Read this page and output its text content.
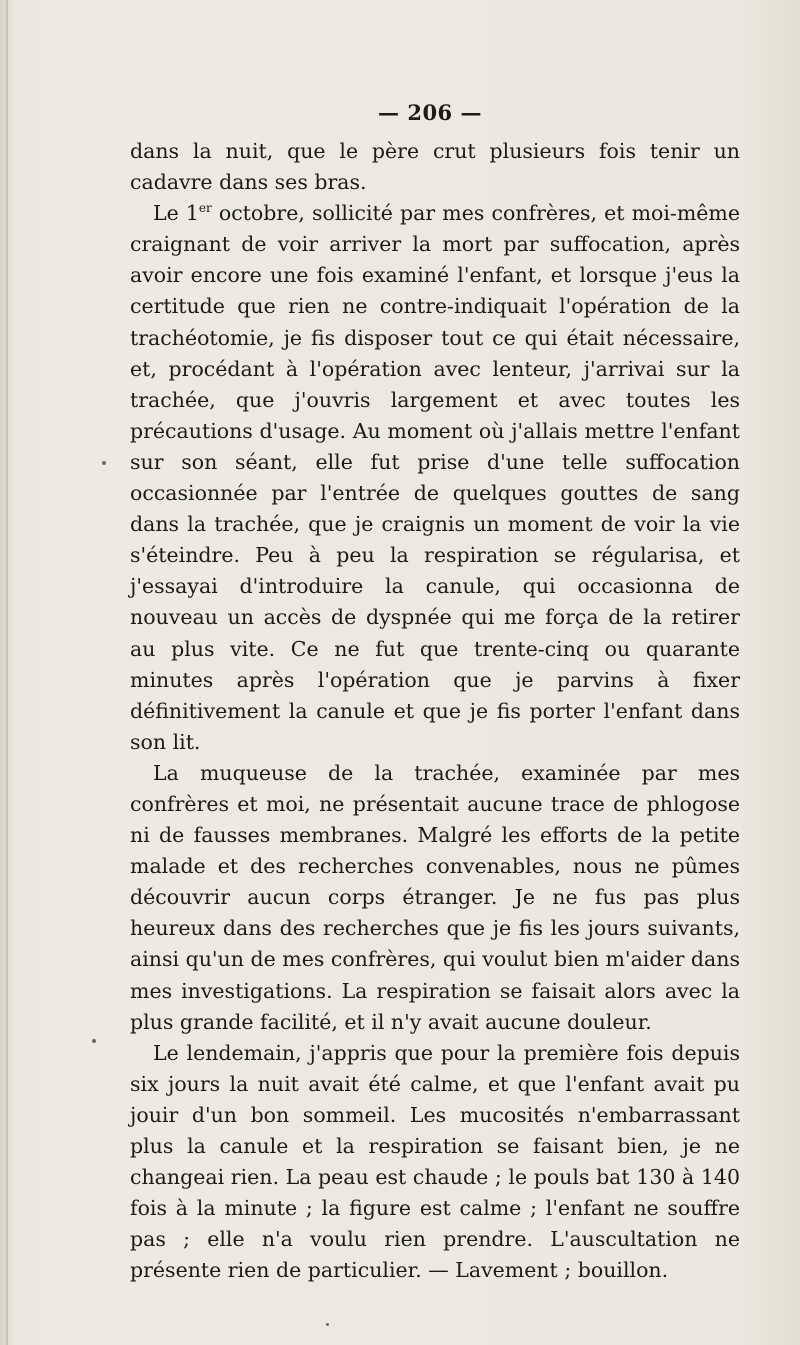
— 206 —

dans la nuit, que le père crut plusieurs fois tenir un cadavre dans ses bras.

Le 1er octobre, sollicité par mes confrères, et moi-même craignant de voir arriver la mort par suffocation, après avoir encore une fois examiné l'enfant, et lorsque j'eus la certitude que rien ne contre-indiquait l'opération de la trachéotomie, je fis disposer tout ce qui était nécessaire, et, procédant à l'opération avec lenteur, j'arrivai sur la trachée, que j'ouvris largement et avec toutes les précautions d'usage. Au moment où j'allais mettre l'enfant sur son séant, elle fut prise d'une telle suffocation occasionnée par l'entrée de quelques gouttes de sang dans la trachée, que je craignis un moment de voir la vie s'éteindre. Peu à peu la respiration se régularisa, et j'essayai d'introduire la canule, qui occasionna de nouveau un accès de dyspnée qui me força de la retirer au plus vite. Ce ne fut que trente-cinq ou quarante minutes après l'opération que je parvins à fixer définitivement la canule et que je fis porter l'enfant dans son lit.

La muqueuse de la trachée, examinée par mes confrères et moi, ne présentait aucune trace de phlogose ni de fausses membranes. Malgré les efforts de la petite malade et des recherches convenables, nous ne pûmes découvrir aucun corps étranger. Je ne fus pas plus heureux dans des recherches que je fis les jours suivants, ainsi qu'un de mes confrères, qui voulut bien m'aider dans mes investigations. La respiration se faisait alors avec la plus grande facilité, et il n'y avait aucune douleur.

Le lendemain, j'appris que pour la première fois depuis six jours la nuit avait été calme, et que l'enfant avait pu jouir d'un bon sommeil. Les mucosités n'embarrassant plus la canule et la respiration se faisant bien, je ne changeai rien. La peau est chaude ; le pouls bat 130 à 140 fois à la minute ; la figure est calme ; l'enfant ne souffre pas ; elle n'a voulu rien prendre. L'auscultation ne présente rien de particulier. — Lavement ; bouillon.
